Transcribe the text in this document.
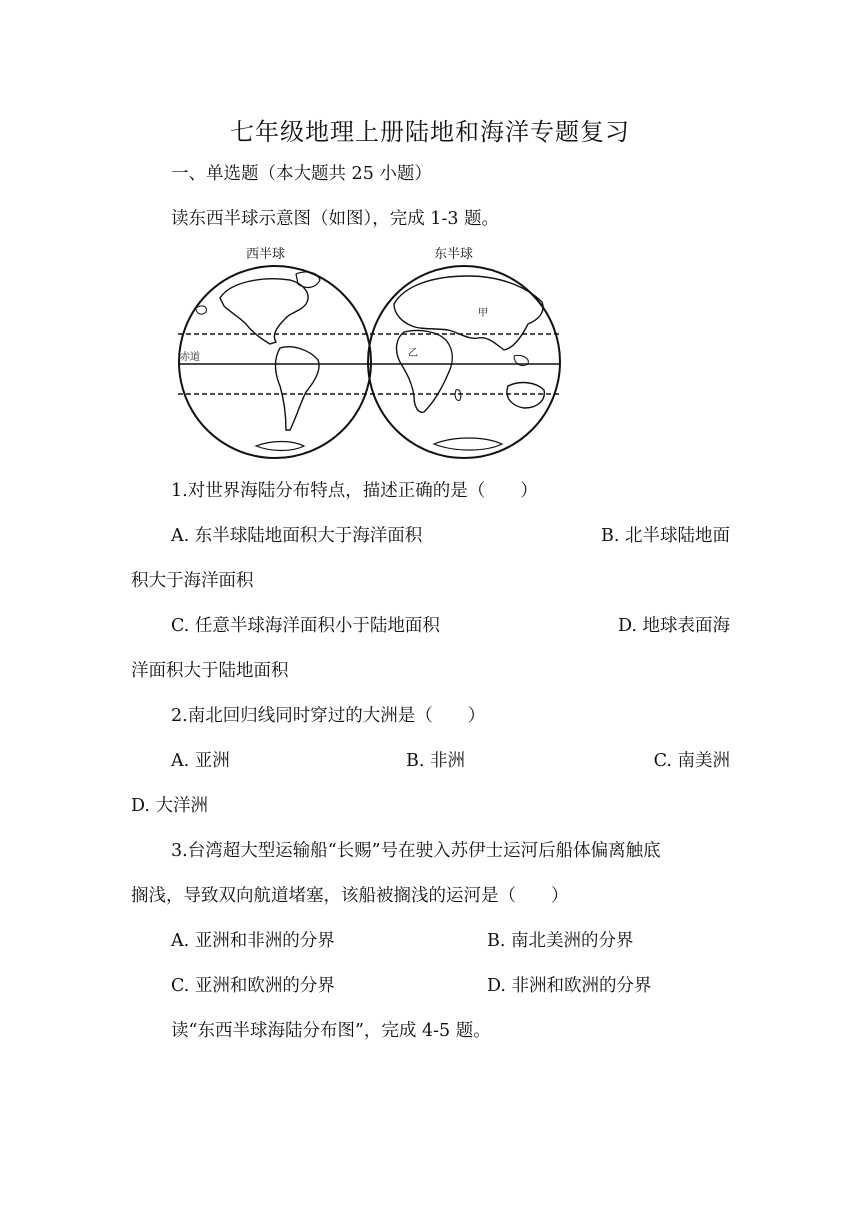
七年级地理上册陆地和海洋专题复习
一、单选题（本大题共 25 小题）
读东西半球示意图（如图），完成 1-3 题。
西半球	东半球
赤道
甲
乙
1.对世界海陆分布特点，描述正确的是（　　）
A. 东半球陆地面积大于海洋面积	B. 北半球陆地面
积大于海洋面积
C. 任意半球海洋面积小于陆地面积	D. 地球表面海
洋面积大于陆地面积
2.南北回归线同时穿过的大洲是（　　）
A. 亚洲	B. 非洲	C. 南美洲
D. 大洋洲
3.台湾超大型运输船“长赐”号在驶入苏伊士运河后船体偏离触底
搁浅，导致双向航道堵塞，该船被搁浅的运河是（　　）
A. 亚洲和非洲的分界	B. 南北美洲的分界
C. 亚洲和欧洲的分界	D. 非洲和欧洲的分界
读“东西半球海陆分布图”，完成 4-5 题。
